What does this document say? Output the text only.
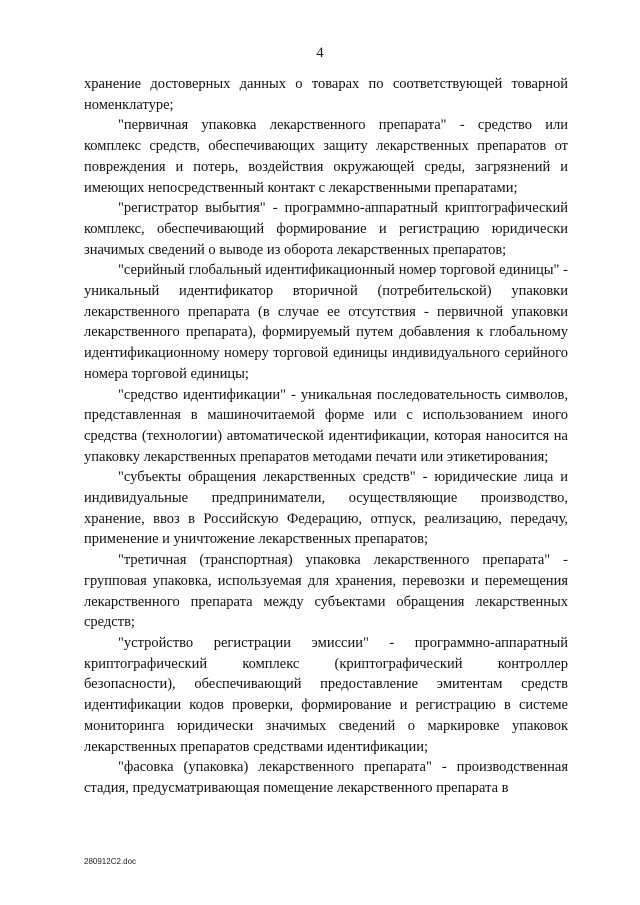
4

хранение достоверных данных о товарах по соответствующей товарной номенклатуре;

"первичная упаковка лекарственного препарата" - средство или комплекс средств, обеспечивающих защиту лекарственных препаратов от повреждения и потерь, воздействия окружающей среды, загрязнений и имеющих непосредственный контакт с лекарственными препаратами;

"регистратор выбытия" - программно-аппаратный криптографический комплекс, обеспечивающий формирование и регистрацию юридически значимых сведений о выводе из оборота лекарственных препаратов;

"серийный глобальный идентификационный номер торговой единицы" - уникальный идентификатор вторичной (потребительской) упаковки лекарственного препарата (в случае ее отсутствия - первичной упаковки лекарственного препарата), формируемый путем добавления к глобальному идентификационному номеру торговой единицы индивидуального серийного номера торговой единицы;

"средство идентификации" - уникальная последовательность символов, представленная в машиночитаемой форме или с использованием иного средства (технологии) автоматической идентификации, которая наносится на упаковку лекарственных препаратов методами печати или этикетирования;

"субъекты обращения лекарственных средств" - юридические лица и индивидуальные предприниматели, осуществляющие производство, хранение, ввоз в Российскую Федерацию, отпуск, реализацию, передачу, применение и уничтожение лекарственных препаратов;

"третичная (транспортная) упаковка лекарственного препарата" - групповая упаковка, используемая для хранения, перевозки и перемещения лекарственного препарата между субъектами обращения лекарственных средств;

"устройство регистрации эмиссии" - программно-аппаратный криптографический комплекс (криптографический контроллер безопасности), обеспечивающий предоставление эмитентам средств идентификации кодов проверки, формирование и регистрацию в системе мониторинга юридически значимых сведений о маркировке упаковок лекарственных препаратов средствами идентификации;

"фасовка (упаковка) лекарственного препарата" - производственная стадия, предусматривающая помещение лекарственного препарата в

280912C2.doc
